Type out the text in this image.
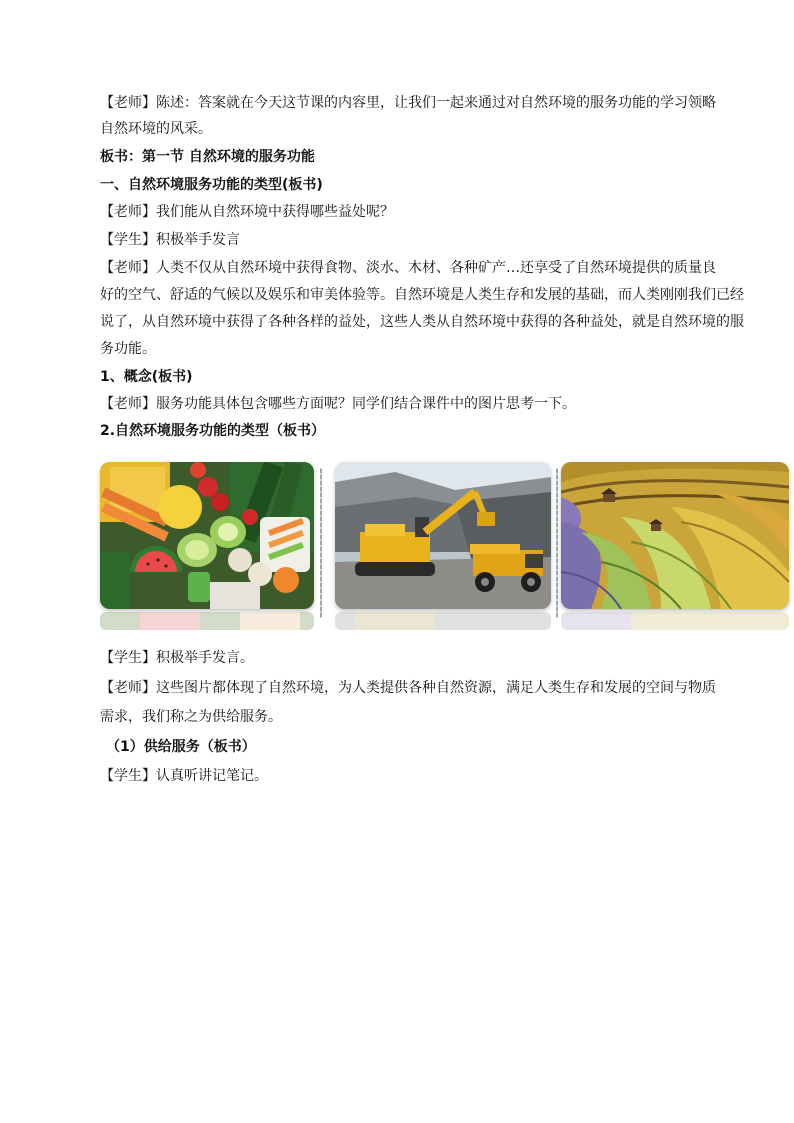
【老师】陈述：答案就在今天这节课的内容里，让我们一起来通过对自然环境的服务功能的学习领略
自然环境的风采。
板书：第一节 自然环境的服务功能
一、自然环境服务功能的类型(板书)
【老师】我们能从自然环境中获得哪些益处呢？
【学生】积极举手发言
【老师】人类不仅从自然环境中获得食物、淡水、木材、各种矿产…还享受了自然环境提供的质量良
好的空气、舒适的气候以及娱乐和审美体验等。自然环境是人类生存和发展的基础，而人类刚刚我们已经
说了，从自然环境中获得了各种各样的益处，这些人类从自然环境中获得的各种益处，就是自然环境的服
务功能。
1、概念(板书)
【老师】服务功能具体包含哪些方面呢？同学们结合课件中的图片思考一下。
2.自然环境服务功能的类型（板书）
【学生】积极举手发言。
【老师】这些图片都体现了自然环境，为人类提供各种自然资源，满足人类生存和发展的空间与物质
需求，我们称之为供给服务。
（1）供给服务（板书）
【学生】认真听讲记笔记。
